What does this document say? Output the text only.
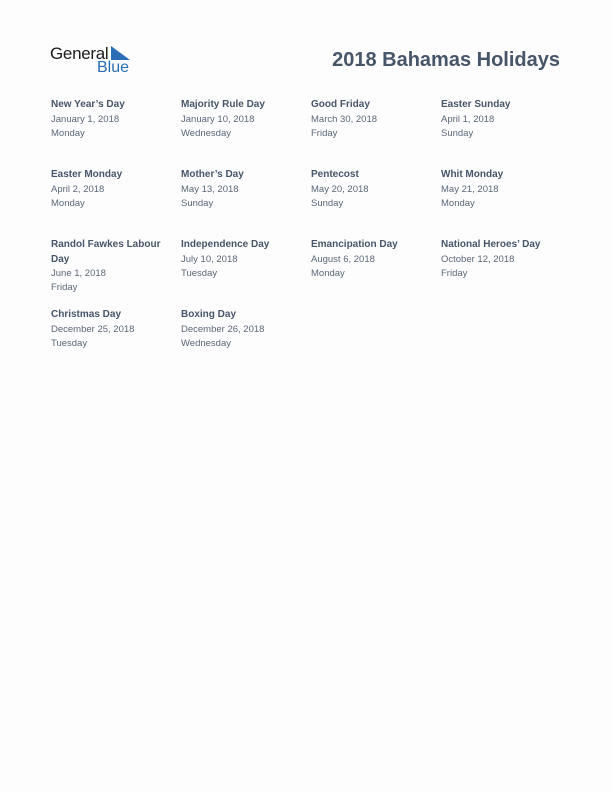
General
Blue	2018 Bahamas Holidays
New Year’s Day
January 1, 2018
Monday
Majority Rule Day
January 10, 2018
Wednesday
Good Friday
March 30, 2018
Friday
Easter Sunday
April 1, 2018
Sunday
Easter Monday
April 2, 2018
Monday
Mother’s Day
May 13, 2018
Sunday
Pentecost
May 20, 2018
Sunday
Whit Monday
May 21, 2018
Monday
Randol Fawkes Labour Day
June 1, 2018
Friday
Independence Day
July 10, 2018
Tuesday
Emancipation Day
August 6, 2018
Monday
National Heroes’ Day
October 12, 2018
Friday
Christmas Day
December 25, 2018
Tuesday
Boxing Day
December 26, 2018
Wednesday
